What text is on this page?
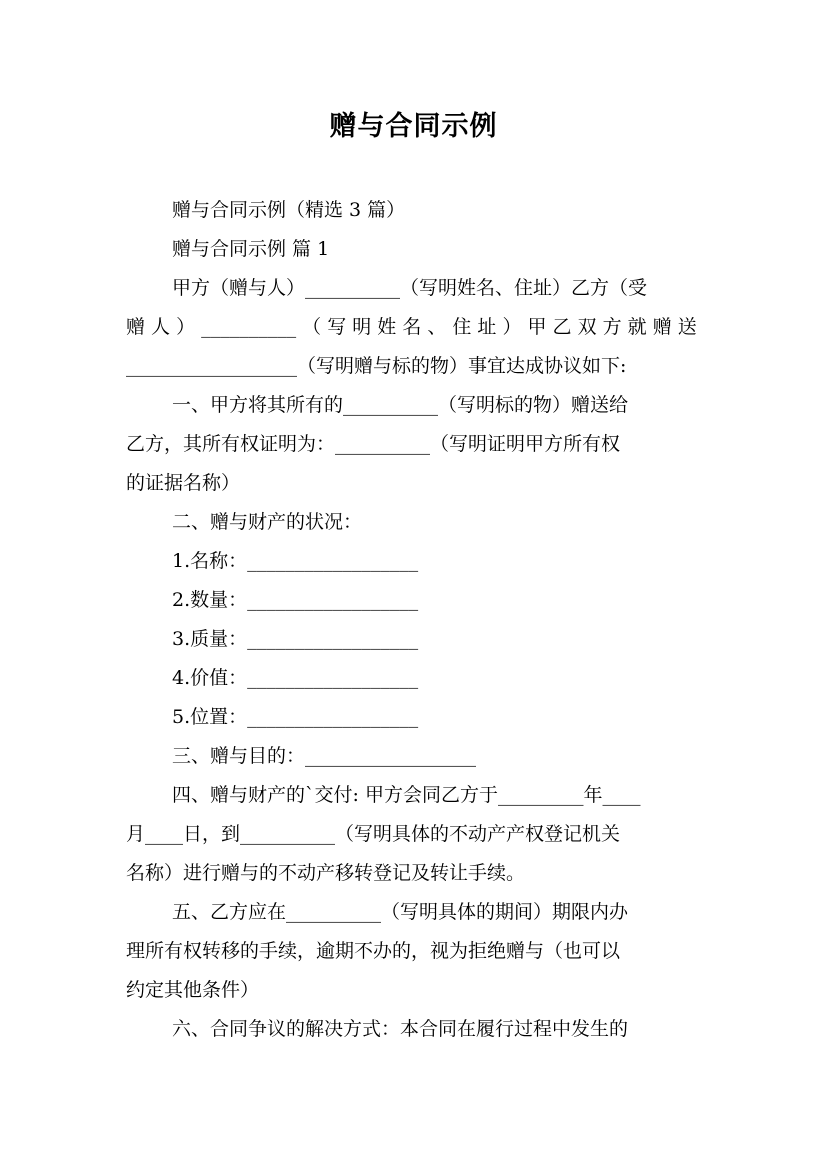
赠与合同示例
赠与合同示例（精选 3 篇）
赠与合同示例 篇 1
甲方（赠与人）__________（写明姓名、住址）乙方（受
赠 人 ） __________ （ 写 明 姓 名 、 住 址 ） 甲 乙 双 方 就 赠 送
__________________（写明赠与标的物）事宜达成协议如下:
一、甲方将其所有的__________（写明标的物）赠送给
乙方，其所有权证明为：__________（写明证明甲方所有权
的证据名称）
二、赠与财产的状况：
1.名称：__________________
2.数量：__________________
3.质量：__________________
4.价值：__________________
5.位置：__________________
三、赠与目的：__________________
四、赠与财产的`交付: 甲方会同乙方于_________年____
月____日，到__________（写明具体的不动产产权登记机关
名称）进行赠与的不动产移转登记及转让手续。
五、乙方应在__________（写明具体的期间）期限内办
理所有权转移的手续，逾期不办的，视为拒绝赠与（也可以
约定其他条件）
六、合同争议的解决方式：本合同在履行过程中发生的
